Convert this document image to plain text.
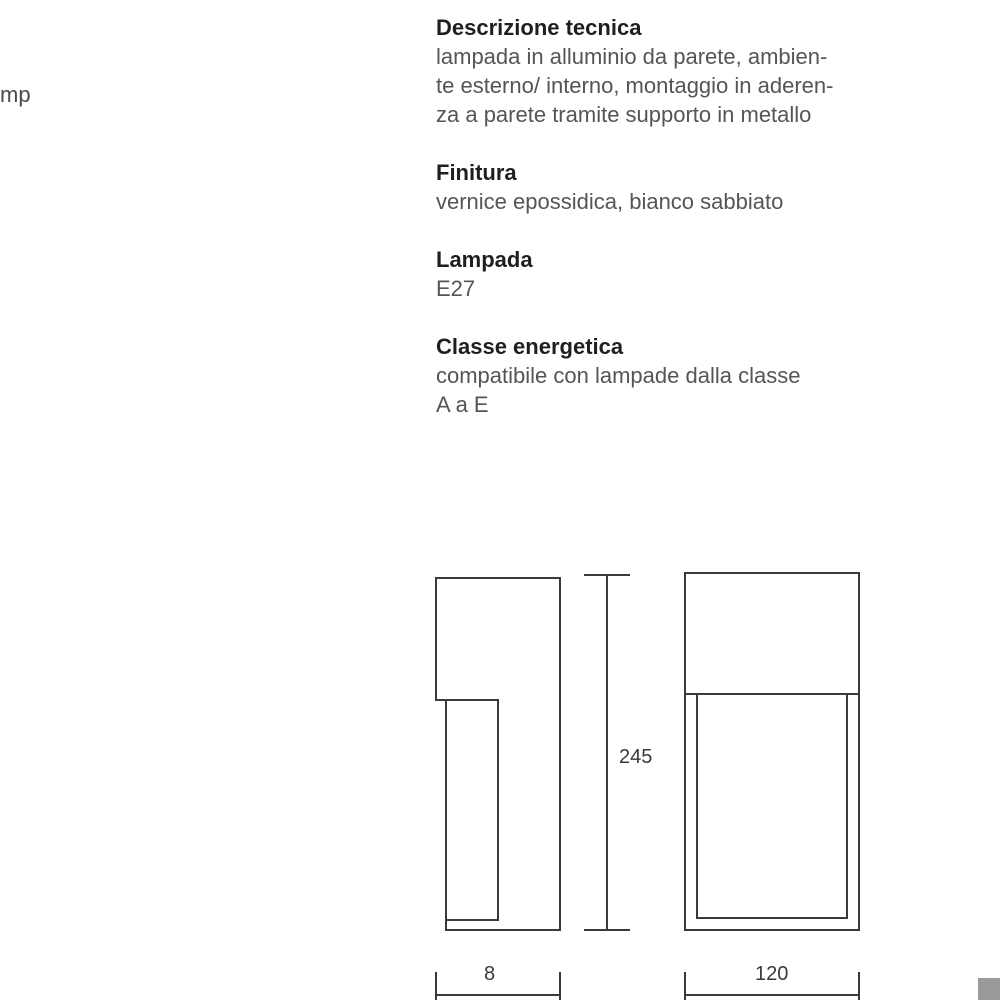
mp

Descrizione tecnica

lampada in alluminio da parete, ambien-

te esterno/ interno, montaggio in aderen-

za a parete tramite supporto in metallo

Finitura

vernice epossidica, bianco sabbiato

Lampada

E27

Classe energetica

compatibile con lampade dalla classe

A a E

245
8	120
